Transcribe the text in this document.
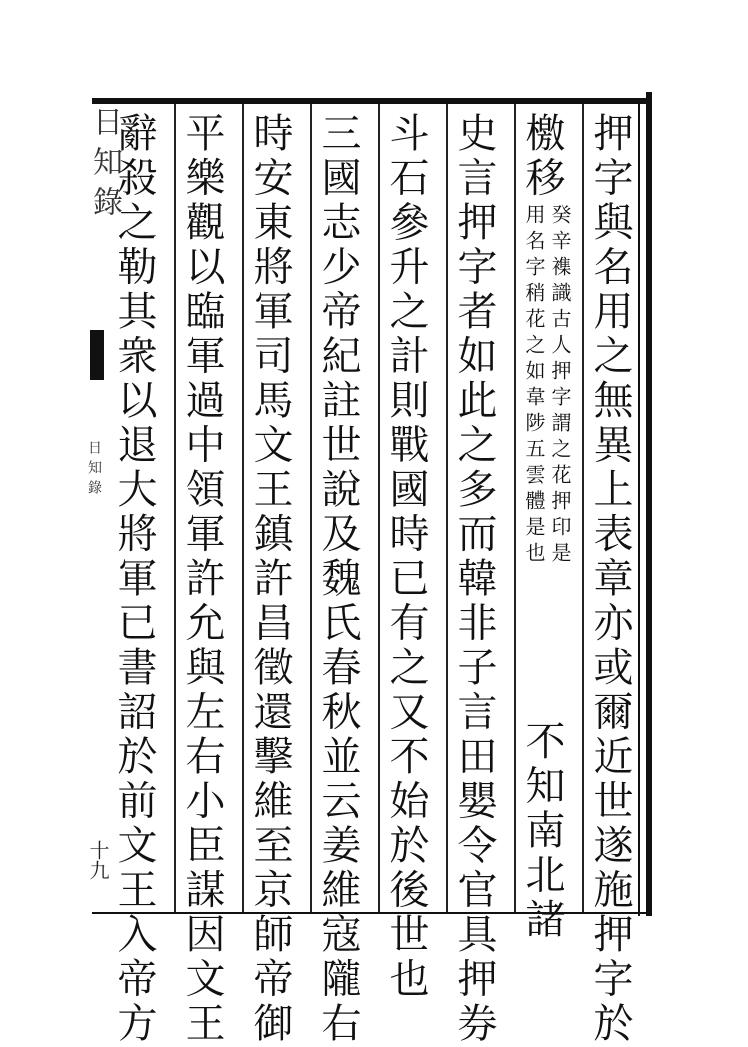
日知錄
日知錄
十九	押字與名用之無異上表章亦或爾近世遂施押字於
檄移
癸辛襍識古人押字謂之花押印是
用名字稍花之如韋陟五雲體是也
不知南北諸
史言押字者如此之多而韓非子言田嬰令官具押券
斗石參升之計則戰國時已有之又不始於後世也
三國志少帝紀註世說及魏氏春秋並云姜維寇隴右
時安東將軍司馬文王鎮許昌徵還擊維至京師帝御
平樂觀以臨軍過中領軍許允與左右小臣謀因文王
辭殺之勒其衆以退大將軍已書詔於前文王入帝方
